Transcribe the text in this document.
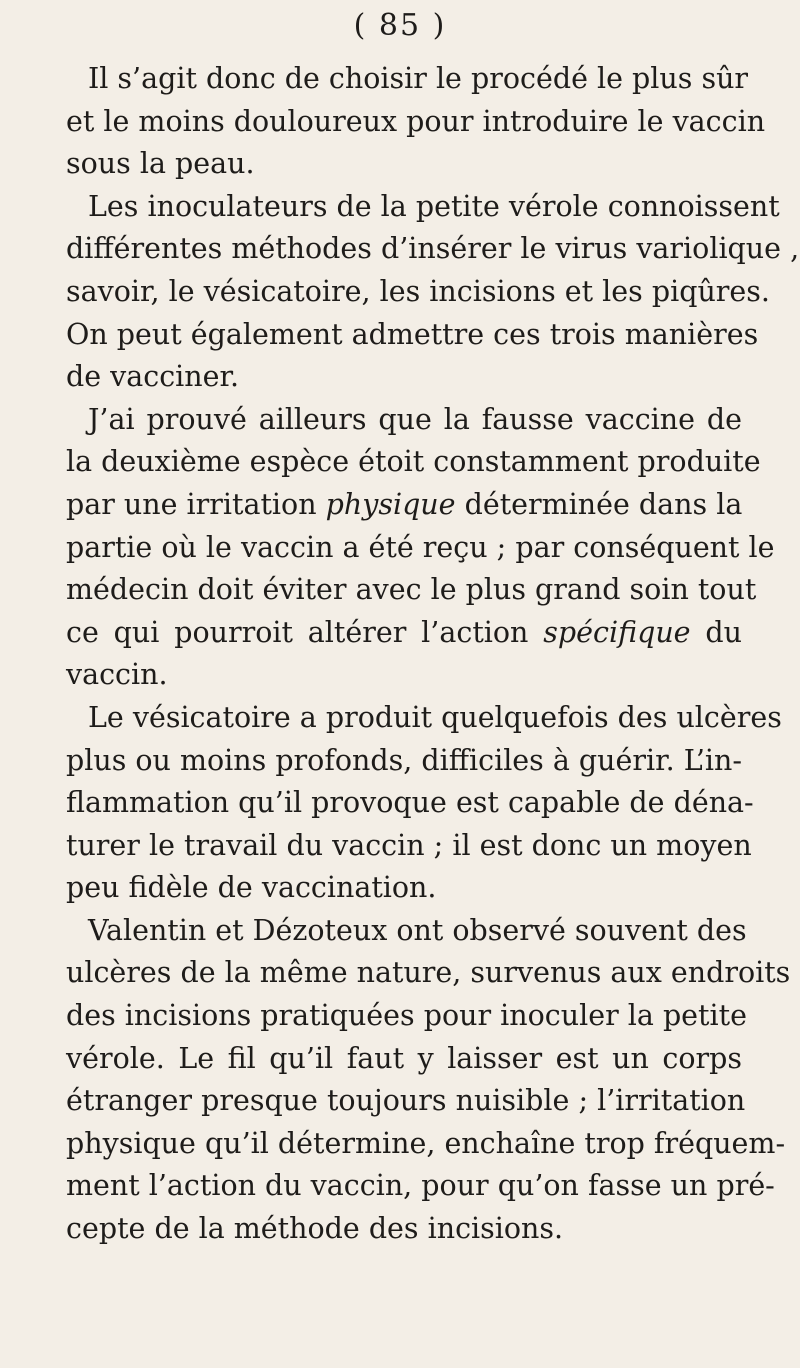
( 85 )

Il s’agit donc de choisir le procédé le plus sûr
et le moins douloureux pour introduire le vaccin
sous la peau.

Les inoculateurs de la petite vérole connoissent
différentes méthodes d’insérer le virus variolique ,
savoir, le vésicatoire, les incisions et les piqûres.
On peut également admettre ces trois manières
de vacciner.

J’ai prouvé ailleurs que la fausse vaccine de
la deuxième espèce étoit constamment produite
par une irritation physique déterminée dans la
partie où le vaccin a été reçu ; par conséquent le
médecin doit éviter avec le plus grand soin tout
ce qui pourroit altérer l’action spécifique du
vaccin.

Le vésicatoire a produit quelquefois des ulcères
plus ou moins profonds, difficiles à guérir. L’in-
flammation qu’il provoque est capable de déna-
turer le travail du vaccin ; il est donc un moyen
peu fidèle de vaccination.

Valentin et Dézoteux ont observé souvent des
ulcères de la même nature, survenus aux endroits
des incisions pratiquées pour inoculer la petite
vérole. Le fil qu’il faut y laisser est un corps
étranger presque toujours nuisible ; l’irritation
physique qu’il détermine, enchaîne trop fréquem-
ment l’action du vaccin, pour qu’on fasse un pré-
cepte de la méthode des incisions.
